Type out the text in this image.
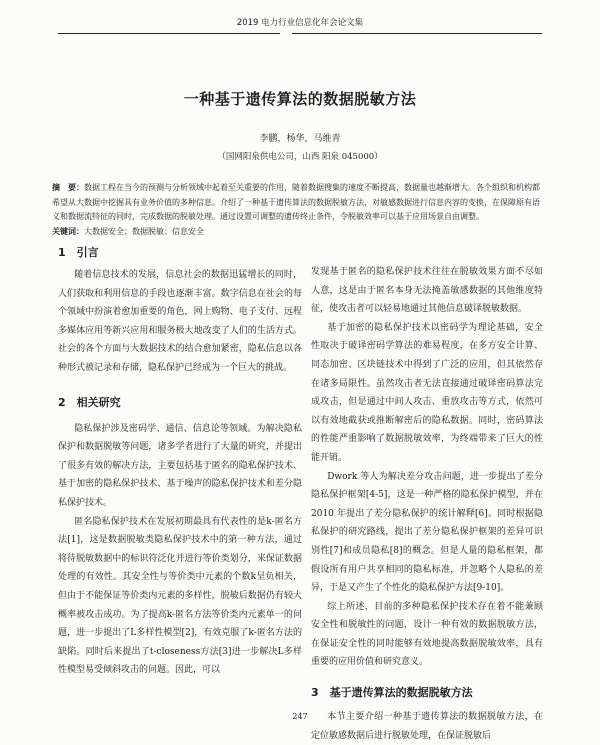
2019 电力行业信息化年会论文集
一种基于遗传算法的数据脱敏方法
李鹏，杨华，马维青
（国网阳泉供电公司，山西 阳泉 045000）
摘　要：数据工程在当今的预测与分析领域中起着至关重要的作用，随着数据搜集的速度不断提高，数据量也越渐增大。各个组织和机构都希望从大数据中挖掘具有业务价值的多种信息。介绍了一种基于遗传算法的数据脱敏方法，对敏感数据进行信息内容的变换，在保障原有语义和数据流特征的同时，完成数据的脱敏处理。通过设置可调整的遗传终止条件，令脱敏效率可以基于应用场景自由调整。
关键词：大数据安全；数据脱敏；信息安全
1　引言

随着信息技术的发展，信息社会的数据迅猛增长的同时，人们获取和利用信息的手段也逐渐丰富。数字信息在社会的每个领域中扮演着愈加重要的角色，网上购物、电子支付、远程多媒体应用等新兴应用和服务极大地改变了人们的生活方式。社会的各个方面与大数据技术的结合愈加紧密，隐私信息以各种形式被记录和存储，隐私保护已经成为一个巨大的挑战。

2　相关研究

隐私保护涉及密码学、通信、信息论等领域。为解决隐私保护和数据脱敏等问题，诸多学者进行了大量的研究，并提出了很多有效的解决方法，主要包括基于匿名的隐私保护技术、基于加密的隐私保护技术、基于噪声的隐私保护技术和差分隐私保护技术。

匿名隐私保护技术在发展初期最具有代表性的是k-匿名方法[1]，这是数据脱敏类隐私保护技术中的第一种方法，通过将待脱敏数据中的标识符泛化并进行等价类划分，来保证数据处理的有效性。其安全性与等价类中元素的个数k呈负相关，但由于不能保证等价类内元素的多样性，脱敏后数据仍有较大概率被攻击成功。为了提高k-匿名方法等价类内元素单一的问题，进一步提出了L多样性模型[2]，有效克服了k-匿名方法的缺陷。同时后来提出了t-closeness方法[3]进一步解决L多样性模型易受倾斜攻击的问题。因此，可以

发现基于匿名的隐私保护技术往往在脱敏效果方面不尽如人意，这是由于匿名本身无法掩盖敏感数据的其他维度特征，使攻击者可以轻易地通过其他信息破译脱敏数据。

基于加密的隐私保护技术以密码学为理论基础，安全性取决于破译密码学算法的难易程度，在多方安全计算、同态加密、区块链技术中得到了广泛的应用，但其依然存在诸多局限性。虽然攻击者无法直接通过破译密码算法完成攻击，但是通过中间人攻击、重放攻击等方式，依然可以有效地截获或推断解密后的隐私数据。同时，密码算法的性能严重影响了数据脱敏效率，为终端带来了巨大的性能开销。

Dwork 等人为解决差分攻击问题，进一步提出了差分隐私保护框架[4-5]，这是一种严格的隐私保护模型，并在 2010 年提出了差分隐私保护的统计解释[6]。同时根据隐私保护的研究路线，提出了差分隐私保护框架的差异可识别性[7]和成员隐私[8]的概念。但是人量的隐私框架，都假设所有用户共享相同的隐私标准，并忽略个人隐私的差异，于是又产生了个性化的隐私保护方法[9-10]。

综上所述，目前的多种隐私保护技术存在着不能兼顾安全性和脱敏性的问题，设计一种有效的数据脱敏方法，在保证安全性的同时能够有效地提高数据脱敏效率，具有重要的应用价值和研究意义。

3　基于遗传算法的数据脱敏方法

本节主要介绍一种基于遗传算法的数据脱敏方法，在定位敏感数据后进行脱敏处理，在保证脱敏后

247
